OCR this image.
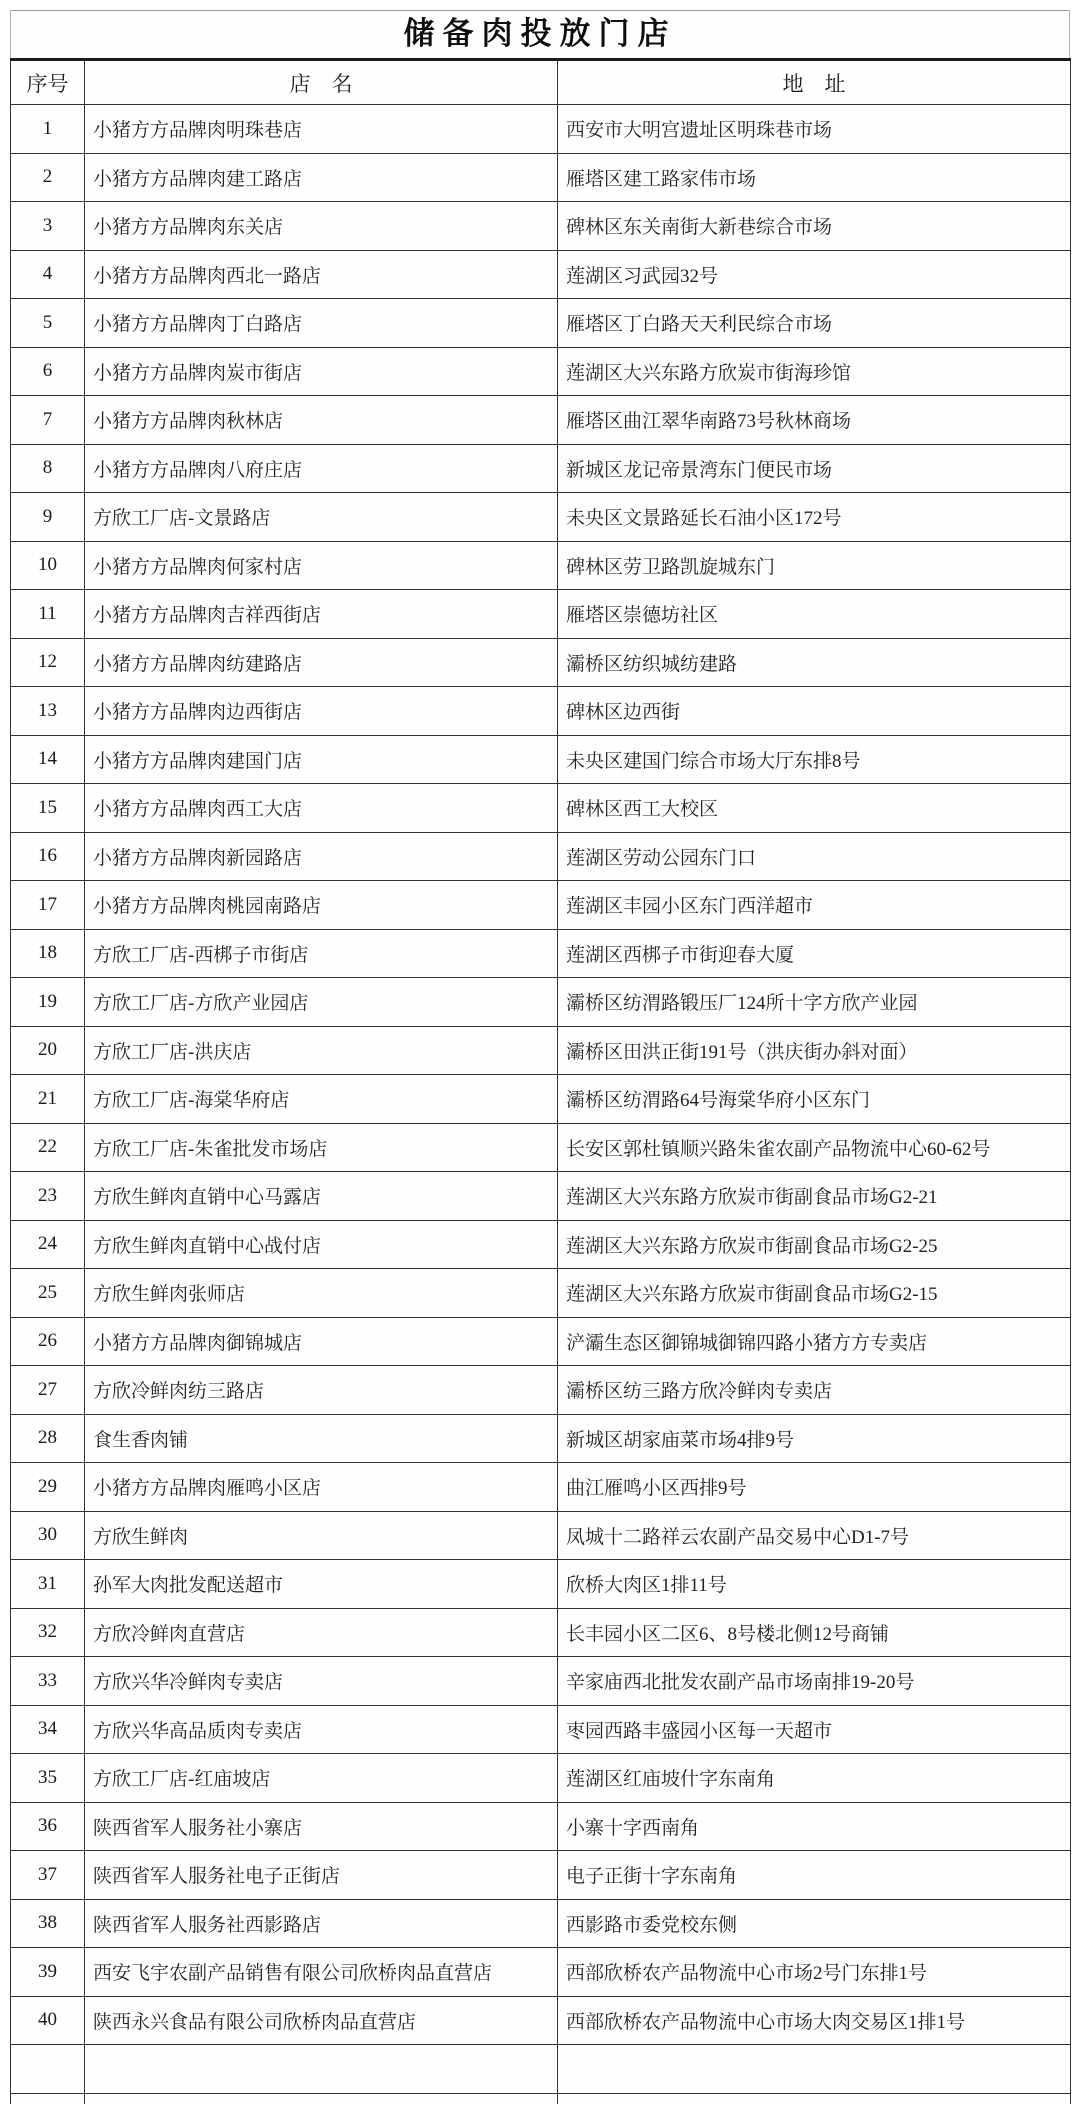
储备肉投放门店
序号	店　名	地　址
1	小猪方方品牌肉明珠巷店	西安市大明宫遗址区明珠巷市场
2	小猪方方品牌肉建工路店	雁塔区建工路家伟市场
3	小猪方方品牌肉东关店	碑林区东关南街大新巷综合市场
4	小猪方方品牌肉西北一路店	莲湖区习武园32号
5	小猪方方品牌肉丁白路店	雁塔区丁白路天天利民综合市场
6	小猪方方品牌肉炭市街店	莲湖区大兴东路方欣炭市街海珍馆
7	小猪方方品牌肉秋林店	雁塔区曲江翠华南路73号秋林商场
8	小猪方方品牌肉八府庄店	新城区龙记帝景湾东门便民市场
9	方欣工厂店-文景路店	未央区文景路延长石油小区172号
10	小猪方方品牌肉何家村店	碑林区劳卫路凯旋城东门
11	小猪方方品牌肉吉祥西街店	雁塔区崇德坊社区
12	小猪方方品牌肉纺建路店	灞桥区纺织城纺建路
13	小猪方方品牌肉边西街店	碑林区边西街
14	小猪方方品牌肉建国门店	未央区建国门综合市场大厅东排8号
15	小猪方方品牌肉西工大店	碑林区西工大校区
16	小猪方方品牌肉新园路店	莲湖区劳动公园东门口
17	小猪方方品牌肉桃园南路店	莲湖区丰园小区东门西洋超市
18	方欣工厂店-西梆子市街店	莲湖区西梆子市街迎春大厦
19	方欣工厂店-方欣产业园店	灞桥区纺渭路锻压厂124所十字方欣产业园
20	方欣工厂店-洪庆店	灞桥区田洪正街191号（洪庆街办斜对面）
21	方欣工厂店-海棠华府店	灞桥区纺渭路64号海棠华府小区东门
22	方欣工厂店-朱雀批发市场店	长安区郭杜镇顺兴路朱雀农副产品物流中心60-62号
23	方欣生鲜肉直销中心马露店	莲湖区大兴东路方欣炭市街副食品市场G2-21
24	方欣生鲜肉直销中心战付店	莲湖区大兴东路方欣炭市街副食品市场G2-25
25	方欣生鲜肉张师店	莲湖区大兴东路方欣炭市街副食品市场G2-15
26	小猪方方品牌肉御锦城店	浐灞生态区御锦城御锦四路小猪方方专卖店
27	方欣冷鲜肉纺三路店	灞桥区纺三路方欣冷鲜肉专卖店
28	食生香肉铺	新城区胡家庙菜市场4排9号
29	小猪方方品牌肉雁鸣小区店	曲江雁鸣小区西排9号
30	方欣生鲜肉	凤城十二路祥云农副产品交易中心D1-7号
31	孙军大肉批发配送超市	欣桥大肉区1排11号
32	方欣冷鲜肉直营店	长丰园小区二区6、8号楼北侧12号商铺
33	方欣兴华冷鲜肉专卖店	辛家庙西北批发农副产品市场南排19-20号
34	方欣兴华高品质肉专卖店	枣园西路丰盛园小区每一天超市
35	方欣工厂店-红庙坡店	莲湖区红庙坡什字东南角
36	陕西省军人服务社小寨店	小寨十字西南角
37	陕西省军人服务社电子正街店	电子正街十字东南角
38	陕西省军人服务社西影路店	西影路市委党校东侧
39	西安飞宇农副产品销售有限公司欣桥肉品直营店	西部欣桥农产品物流中心市场2号门东排1号
40	陕西永兴食品有限公司欣桥肉品直营店	西部欣桥农产品物流中心市场大肉交易区1排1号
